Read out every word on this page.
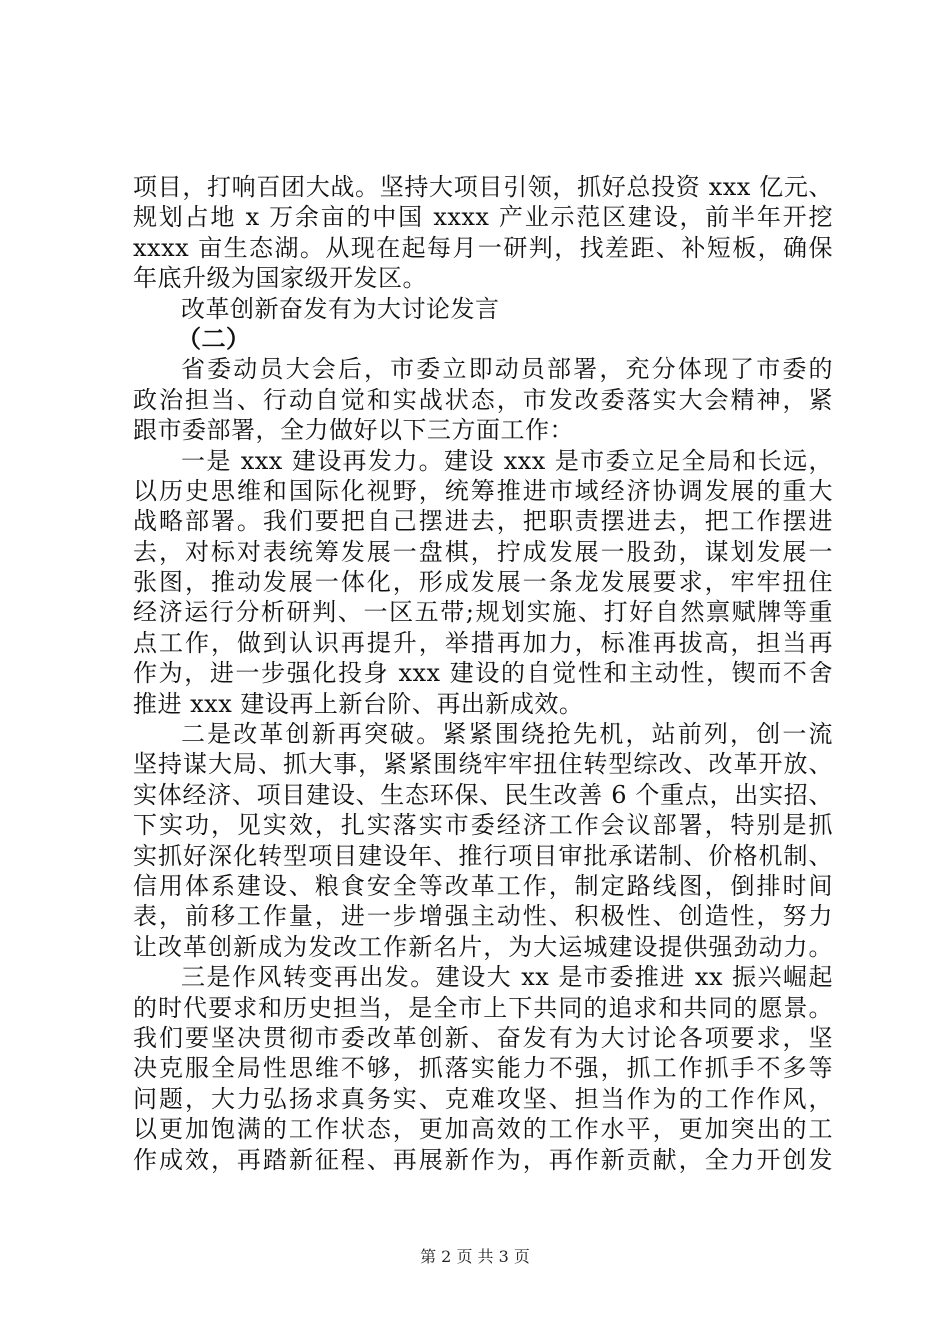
项目，打响百团大战。坚持大项目引领，抓好总投资 xxx 亿元、
规划占地 x 万余亩的中国 xxxx 产业示范区建设，前半年开挖
xxxx 亩生态湖。从现在起每月一研判，找差距、补短板，确保
年底升级为国家级开发区。
改革创新奋发有为大讨论发言
（二）
省委动员大会后，市委立即动员部署，充分体现了市委的
政治担当、行动自觉和实战状态，市发改委落实大会精神，紧
跟市委部署，全力做好以下三方面工作：
一是 xxx 建设再发力。建设 xxx 是市委立足全局和长远，
以历史思维和国际化视野，统筹推进市域经济协调发展的重大
战略部署。我们要把自己摆进去，把职责摆进去，把工作摆进
去，对标对表统筹发展一盘棋，拧成发展一股劲，谋划发展一
张图，推动发展一体化，形成发展一条龙发展要求，牢牢扭住
经济运行分析研判、一区五带;规划实施、打好自然禀赋牌等重
点工作，做到认识再提升，举措再加力，标准再拔高，担当再
作为，进一步强化投身 xxx 建设的自觉性和主动性，锲而不舍
推进 xxx 建设再上新台阶、再出新成效。
二是改革创新再突破。紧紧围绕抢先机，站前列，创一流
坚持谋大局、抓大事，紧紧围绕牢牢扭住转型综改、改革开放、
实体经济、项目建设、生态环保、民生改善 6 个重点，出实招、
下实功，见实效，扎实落实市委经济工作会议部署，特别是抓
实抓好深化转型项目建设年、推行项目审批承诺制、价格机制、
信用体系建设、粮食安全等改革工作，制定路线图，倒排时间
表，前移工作量，进一步增强主动性、积极性、创造性，努力
让改革创新成为发改工作新名片，为大运城建设提供强劲动力。
三是作风转变再出发。建设大 xx 是市委推进 xx 振兴崛起
的时代要求和历史担当，是全市上下共同的追求和共同的愿景。
我们要坚决贯彻市委改革创新、奋发有为大讨论各项要求，坚
决克服全局性思维不够，抓落实能力不强，抓工作抓手不多等
问题，大力弘扬求真务实、克难攻坚、担当作为的工作作风，
以更加饱满的工作状态，更加高效的工作水平，更加突出的工
作成效，再踏新征程、再展新作为，再作新贡献，全力开创发
第 2 页 共 3 页
